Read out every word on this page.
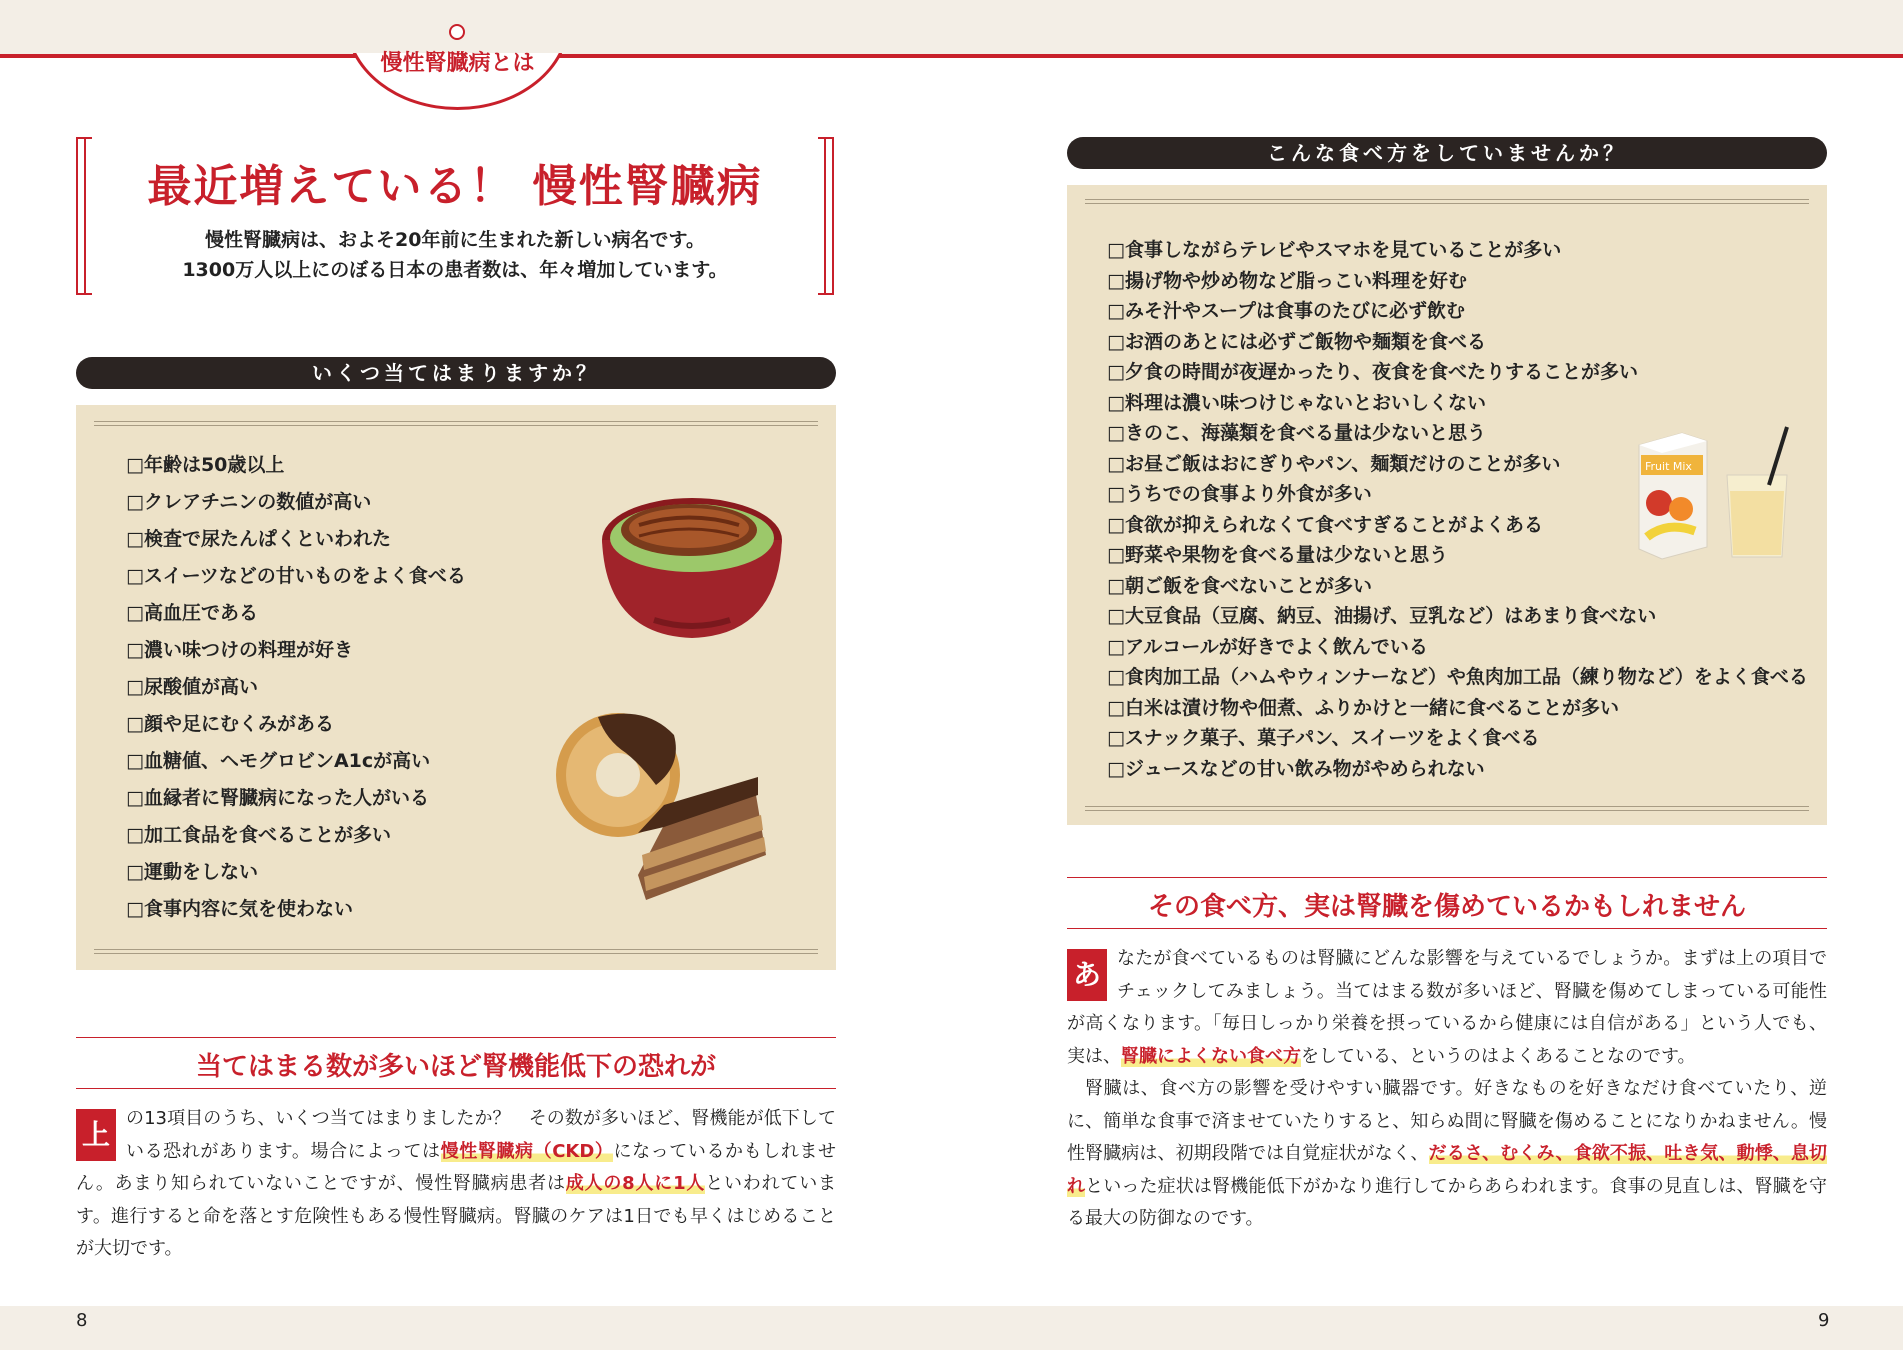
慢性腎臓病とは
8	9
最近増えている！ 慢性腎臓病
慢性腎臓病は、およそ20年前に生まれた新しい病名です。
1300万人以上にのぼる日本の患者数は、年々増加しています。
いくつ当てはまりますか？
□年齢は50歳以上
□クレアチニンの数値が高い
□検査で尿たんぱくといわれた
□スイーツなどの甘いものをよく食べる
□高血圧である
□濃い味つけの料理が好き
□尿酸値が高い
□顔や足にむくみがある
□血糖値、ヘモグロビンA1cが高い
□血縁者に腎臓病になった人がいる
□加工食品を食べることが多い
□運動をしない
□食事内容に気を使わない
当てはまる数が多いほど腎機能低下の恐れが
上 の13項目のうち、いくつ当てはまりましたか？　その数が多いほど、腎機能が低下している恐れがあります。場合によっては慢性腎臓病（CKD）になっているかもしれません。あまり知られていないことですが、慢性腎臓病患者は成人の8人に1人といわれています。進行すると命を落とす危険性もある慢性腎臓病。腎臓のケアは1日でも早くはじめることが大切です。
こんな食べ方をしていませんか？
□食事しながらテレビやスマホを見ていることが多い
□揚げ物や炒め物など脂っこい料理を好む
□みそ汁やスープは食事のたびに必ず飲む
□お酒のあとには必ずご飯物や麺類を食べる
□夕食の時間が夜遅かったり、夜食を食べたりすることが多い
□料理は濃い味つけじゃないとおいしくない
□きのこ、海藻類を食べる量は少ないと思う
□お昼ご飯はおにぎりやパン、麺類だけのことが多い
□うちでの食事より外食が多い
□食欲が抑えられなくて食べすぎることがよくある
□野菜や果物を食べる量は少ないと思う
□朝ご飯を食べないことが多い
□大豆食品（豆腐、納豆、油揚げ、豆乳など）はあまり食べない
□アルコールが好きでよく飲んでいる
□食肉加工品（ハムやウィンナーなど）や魚肉加工品（練り物など）をよく食べる
□白米は漬け物や佃煮、ふりかけと一緒に食べることが多い
□スナック菓子、菓子パン、スイーツをよく食べる
□ジュースなどの甘い飲み物がやめられない
Fruit Mix
その食べ方、実は腎臓を傷めているかもしれません
あ なたが食べているものは腎臓にどんな影響を与えているでしょうか。まずは上の項目でチェックしてみましょう。当てはまる数が多いほど、腎臓を傷めてしまっている可能性が高くなります。「毎日しっかり栄養を摂っているから健康には自信がある」という人でも、実は、腎臓によくない食べ方をしている、というのはよくあることなのです。
腎臓は、食べ方の影響を受けやすい臓器です。好きなものを好きなだけ食べていたり、逆に、簡単な食事で済ませていたりすると、知らぬ間に腎臓を傷めることになりかねません。慢性腎臓病は、初期段階では自覚症状がなく、だるさ、むくみ、食欲不振、吐き気、動悸、息切れといった症状は腎機能低下がかなり進行してからあらわれます。食事の見直しは、腎臓を守る最大の防御なのです。
